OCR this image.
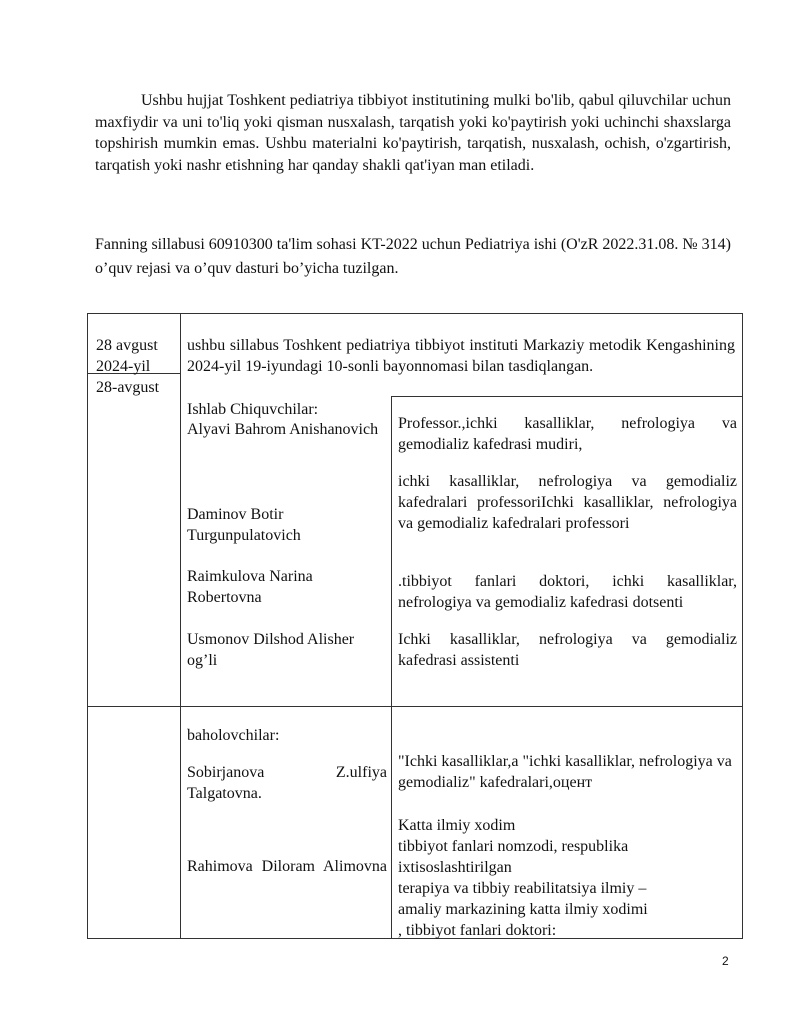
Ushbu hujjat Toshkent pediatriya tibbiyot institutining mulki bo'lib, qabul qiluvchilar uchun maxfiydir va uni to'liq yoki qisman nusxalash, tarqatish yoki ko'paytirish yoki uchinchi shaxslarga topshirish mumkin emas. Ushbu materialni ko'paytirish, tarqatish, nusxalash, ochish, o'zgartirish, tarqatish yoki nashr etishning har qanday shakli qat'iyan man etiladi.

Fanning sillabusi 60910300 ta'lim sohasi KT-2022 uchun Pediatriya ishi (O'zR 2022.31.08. № 314) o’quv rejasi va o’quv dasturi bo’yicha tuzilgan.

28 avgust
2024-yil
28-avgust
ushbu sillabus Toshkent pediatriya tibbiyot instituti Markaziy metodik Kengashining 2024-yil 19-iyundagi 10-sonli bayonnomasi bilan tasdiqlangan.
Ishlab Chiquvchilar:
Alyavi Bahrom Anishanovich	Professor.,ichki kasalliklar, nefrologiya va gemodializ kafedrasi mudiri,
Daminov Botir Turgunpulatovich
ichki kasalliklar, nefrologiya va gemodializ kafedralari professoriIchki kasalliklar, nefrologiya va gemodializ kafedralari professori
Raimkulova Narina Robertovna
.tibbiyot fanlari doktori, ichki kasalliklar, nefrologiya va gemodializ kafedrasi dotsenti
Usmonov Dilshod Alisher og’li
Ichki kasalliklar, nefrologiya va gemodializ kafedrasi assistenti
baholovchilar:
Sobirjanova Z.ulfiya Talgatovna.
"Ichki kasalliklar,a "ichki kasalliklar, nefrologiya va gemodializ" kafedralari,оцент
Rahimova Diloram Alimovna
Katta ilmiy xodim
tibbiyot fanlari nomzodi, respublika
ixtisoslashtirilgan
terapiya va tibbiy reabilitatsiya ilmiy –
amaliy markazining katta ilmiy xodimi
, tibbiyot fanlari doktori:
2
